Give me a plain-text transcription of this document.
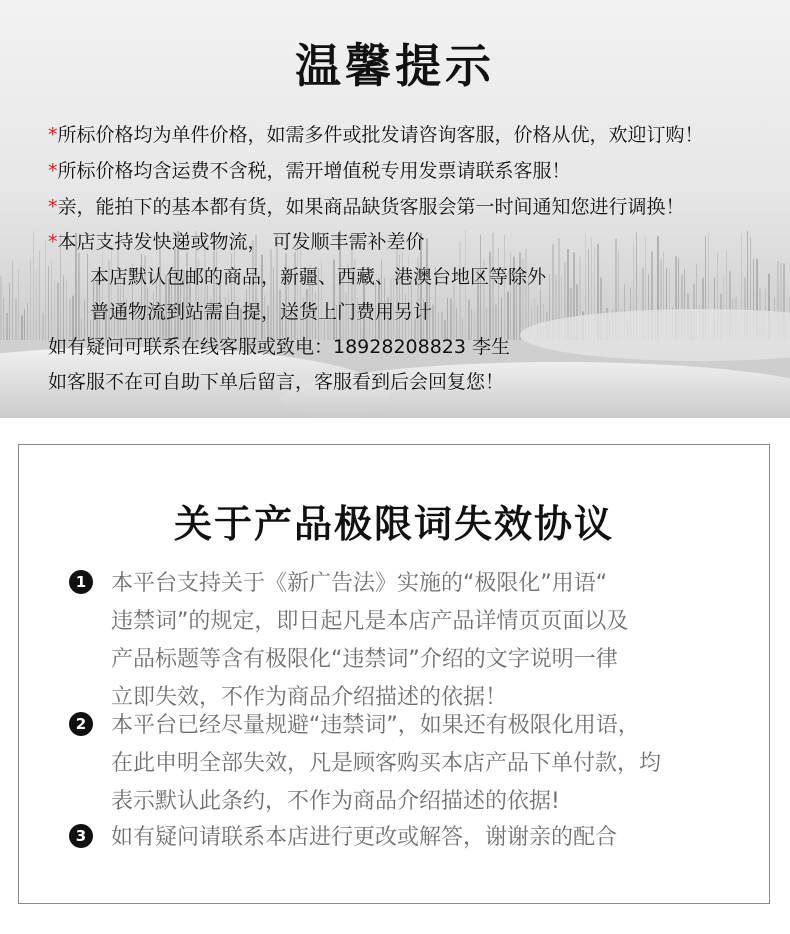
温馨提示
*所标价格均为单件价格，如需多件或批发请咨询客服，价格从优，欢迎订购！
*所标价格均含运费不含税，需开增值税专用发票请联系客服！
*亲，能拍下的基本都有货，如果商品缺货客服会第一时间通知您进行调换！
*本店支持发快递或物流， 可发顺丰需补差价
本店默认包邮的商品，新疆、西藏、港澳台地区等除外
普通物流到站需自提，送货上门费用另计
如有疑问可联系在线客服或致电：18928208823 李生
如客服不在可自助下单后留言，客服看到后会回复您！
关于产品极限词失效协议
1	本平台支持关于《新广告法》实施的“极限化”用语“
违禁词”的规定，即日起凡是本店产品详情页页面以及
产品标题等含有极限化“违禁词”介绍的文字说明一律
立即失效，不作为商品介绍描述的依据！
2	本平台已经尽量规避“违禁词”，如果还有极限化用语，
在此申明全部失效，凡是顾客购买本店产品下单付款，均
表示默认此条约，不作为商品介绍描述的依据!
3	如有疑问请联系本店进行更改或解答，谢谢亲的配合
